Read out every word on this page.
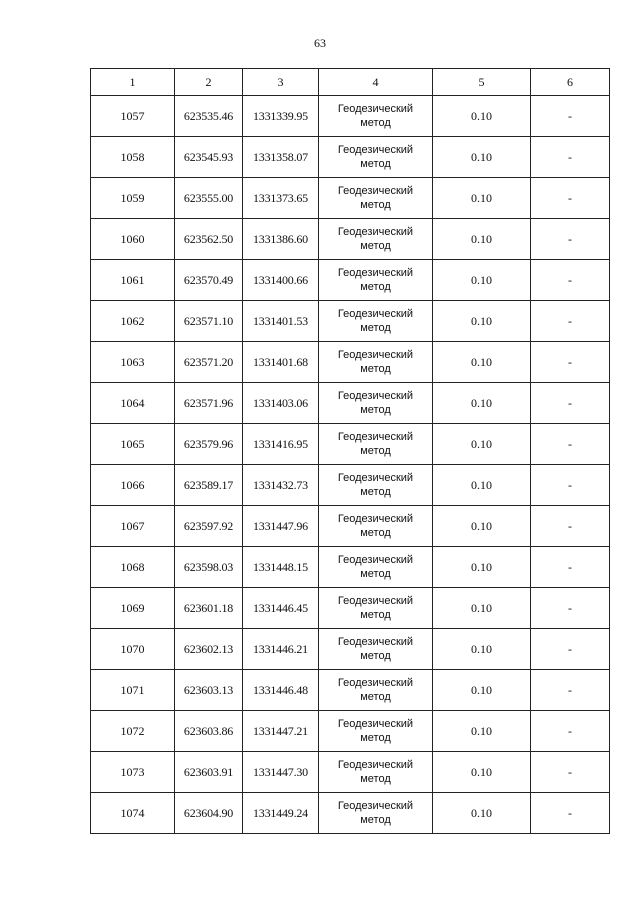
63
1	2	3	4	5	6
1057	623535.46	1331339.95	Геодезический метод	0.10	-
1058	623545.93	1331358.07	Геодезический метод	0.10	-
1059	623555.00	1331373.65	Геодезический метод	0.10	-
1060	623562.50	1331386.60	Геодезический метод	0.10	-
1061	623570.49	1331400.66	Геодезический метод	0.10	-
1062	623571.10	1331401.53	Геодезический метод	0.10	-
1063	623571.20	1331401.68	Геодезический метод	0.10	-
1064	623571.96	1331403.06	Геодезический метод	0.10	-
1065	623579.96	1331416.95	Геодезический метод	0.10	-
1066	623589.17	1331432.73	Геодезический метод	0.10	-
1067	623597.92	1331447.96	Геодезический метод	0.10	-
1068	623598.03	1331448.15	Геодезический метод	0.10	-
1069	623601.18	1331446.45	Геодезический метод	0.10	-
1070	623602.13	1331446.21	Геодезический метод	0.10	-
1071	623603.13	1331446.48	Геодезический метод	0.10	-
1072	623603.86	1331447.21	Геодезический метод	0.10	-
1073	623603.91	1331447.30	Геодезический метод	0.10	-
1074	623604.90	1331449.24	Геодезический метод	0.10	-
